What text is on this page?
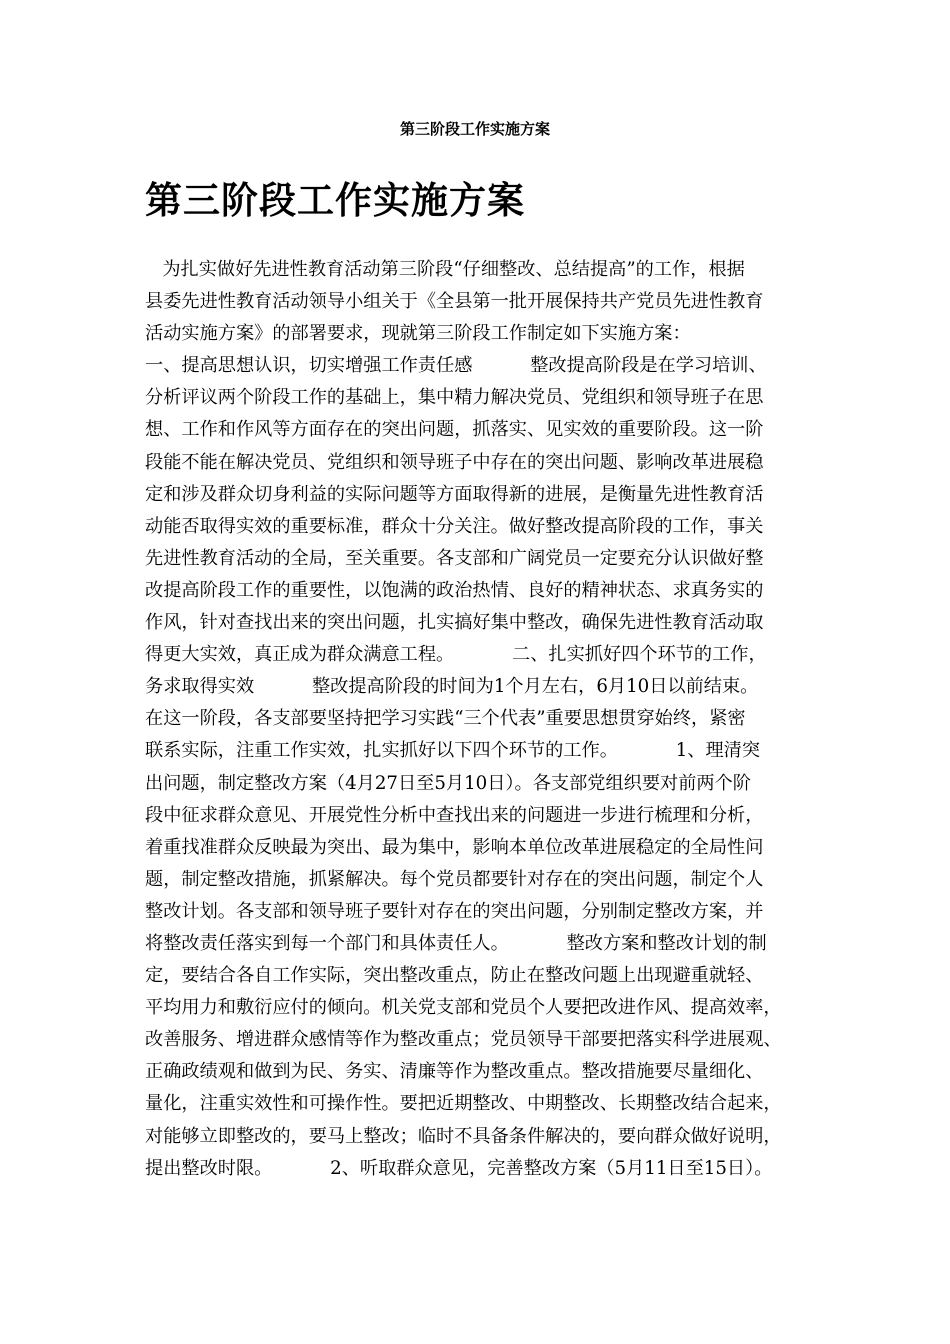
第三阶段工作实施方案
第三阶段工作实施方案
为扎实做好先进性教育活动第三阶段“仔细整改、总结提高”的工作，根据
县委先进性教育活动领导小组关于《全县第一批开展保持共产党员先进性教育
活动实施方案》的部署要求，现就第三阶段工作制定如下实施方案：
一、提高思想认识，切实增强工作责任感          整改提高阶段是在学习培训、
分析评议两个阶段工作的基础上，集中精力解决党员、党组织和领导班子在思
想、工作和作风等方面存在的突出问题，抓落实、见实效的重要阶段。这一阶
段能不能在解决党员、党组织和领导班子中存在的突出问题、影响改革进展稳
定和涉及群众切身利益的实际问题等方面取得新的进展，是衡量先进性教育活
动能否取得实效的重要标准，群众十分关注。做好整改提高阶段的工作，事关
先进性教育活动的全局，至关重要。各支部和广阔党员一定要充分认识做好整
改提高阶段工作的重要性，以饱满的政治热情、良好的精神状态、求真务实的
作风，针对查找出来的突出问题，扎实搞好集中整改，确保先进性教育活动取
得更大实效，真正成为群众满意工程。          二、扎实抓好四个环节的工作，
务求取得实效          整改提高阶段的时间为1个月左右，6月10日以前结束。
在这一阶段，各支部要坚持把学习实践“三个代表”重要思想贯穿始终，紧密
联系实际，注重工作实效，扎实抓好以下四个环节的工作。          1、理清突
出问题，制定整改方案（4月27日至5月10日）。各支部党组织要对前两个阶
段中征求群众意见、开展党性分析中查找出来的问题进一步进行梳理和分析，
着重找准群众反映最为突出、最为集中，影响本单位改革进展稳定的全局性问
题，制定整改措施，抓紧解决。每个党员都要针对存在的突出问题，制定个人
整改计划。各支部和领导班子要针对存在的突出问题，分别制定整改方案，并
将整改责任落实到每一个部门和具体责任人。          整改方案和整改计划的制
定，要结合各自工作实际，突出整改重点，防止在整改问题上出现避重就轻、
平均用力和敷衍应付的倾向。机关党支部和党员个人要把改进作风、提高效率，
改善服务、增进群众感情等作为整改重点；党员领导干部要把落实科学进展观、
正确政绩观和做到为民、务实、清廉等作为整改重点。整改措施要尽量细化、
量化，注重实效性和可操作性。要把近期整改、中期整改、长期整改结合起来，
对能够立即整改的，要马上整改；临时不具备条件解决的，要向群众做好说明，
提出整改时限。          2、听取群众意见，完善整改方案（5月11日至15日）。
